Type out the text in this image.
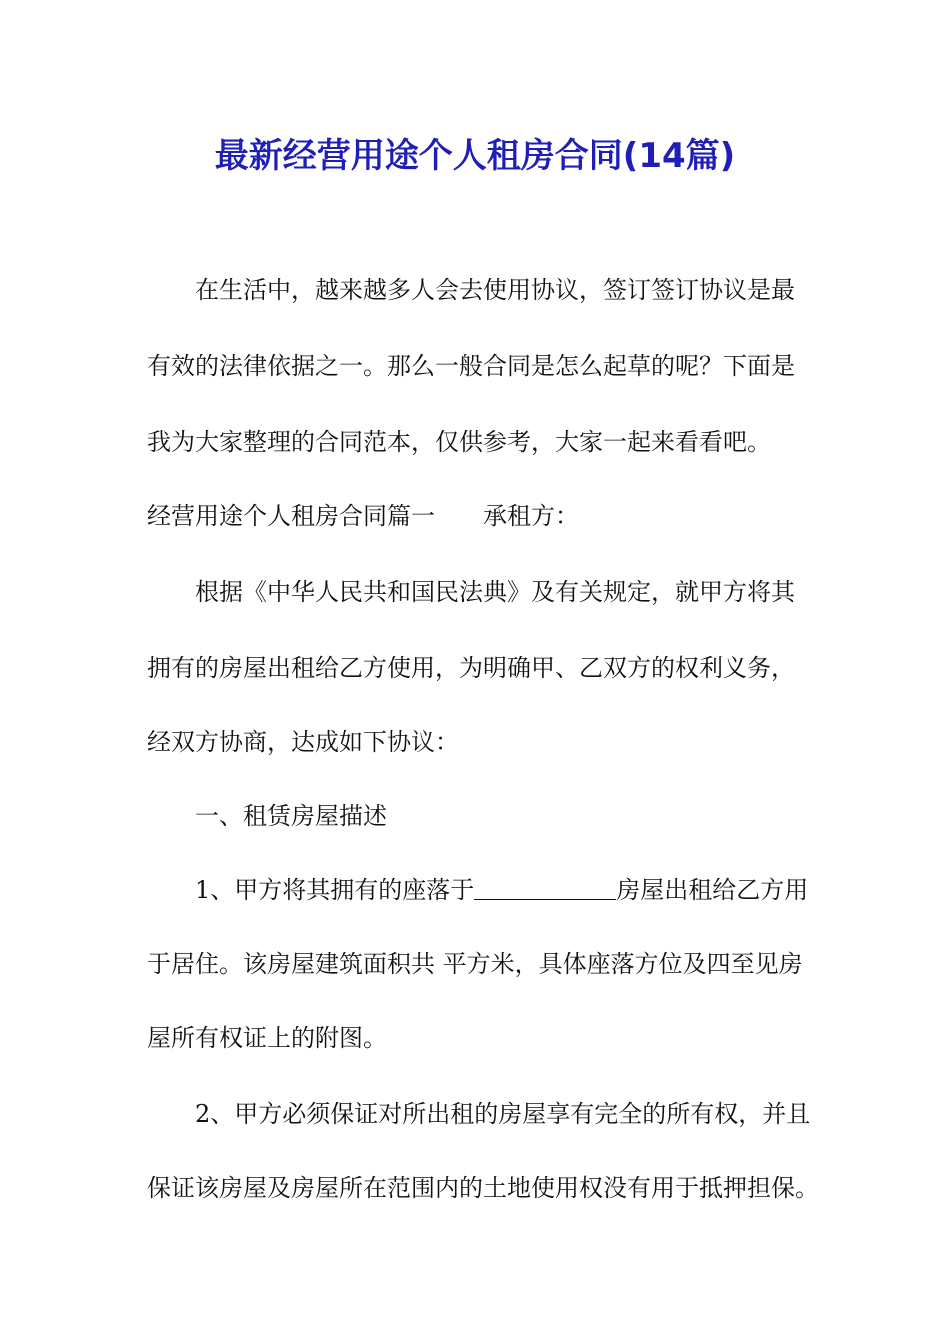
最新经营用途个人租房合同(14篇)
在生活中，越来越多人会去使用协议，签订签订协议是最
有效的法律依据之一。那么一般合同是怎么起草的呢？下面是
我为大家整理的合同范本，仅供参考，大家一起来看看吧。
经营用途个人租房合同篇一 承租方：
根据《中华人民共和国民法典》及有关规定，就甲方将其
拥有的房屋出租给乙方使用，为明确甲、乙双方的权利义务，
经双方协商，达成如下协议：
一、租赁房屋描述
1、甲方将其拥有的座落于	房屋出租给乙方用
于居住。该房屋建筑面积共 平方米，具体座落方位及四至见房
屋所有权证上的附图。
2、甲方必须保证对所出租的房屋享有完全的所有权，并且
保证该房屋及房屋所在范围内的土地使用权没有用于抵押担保。
